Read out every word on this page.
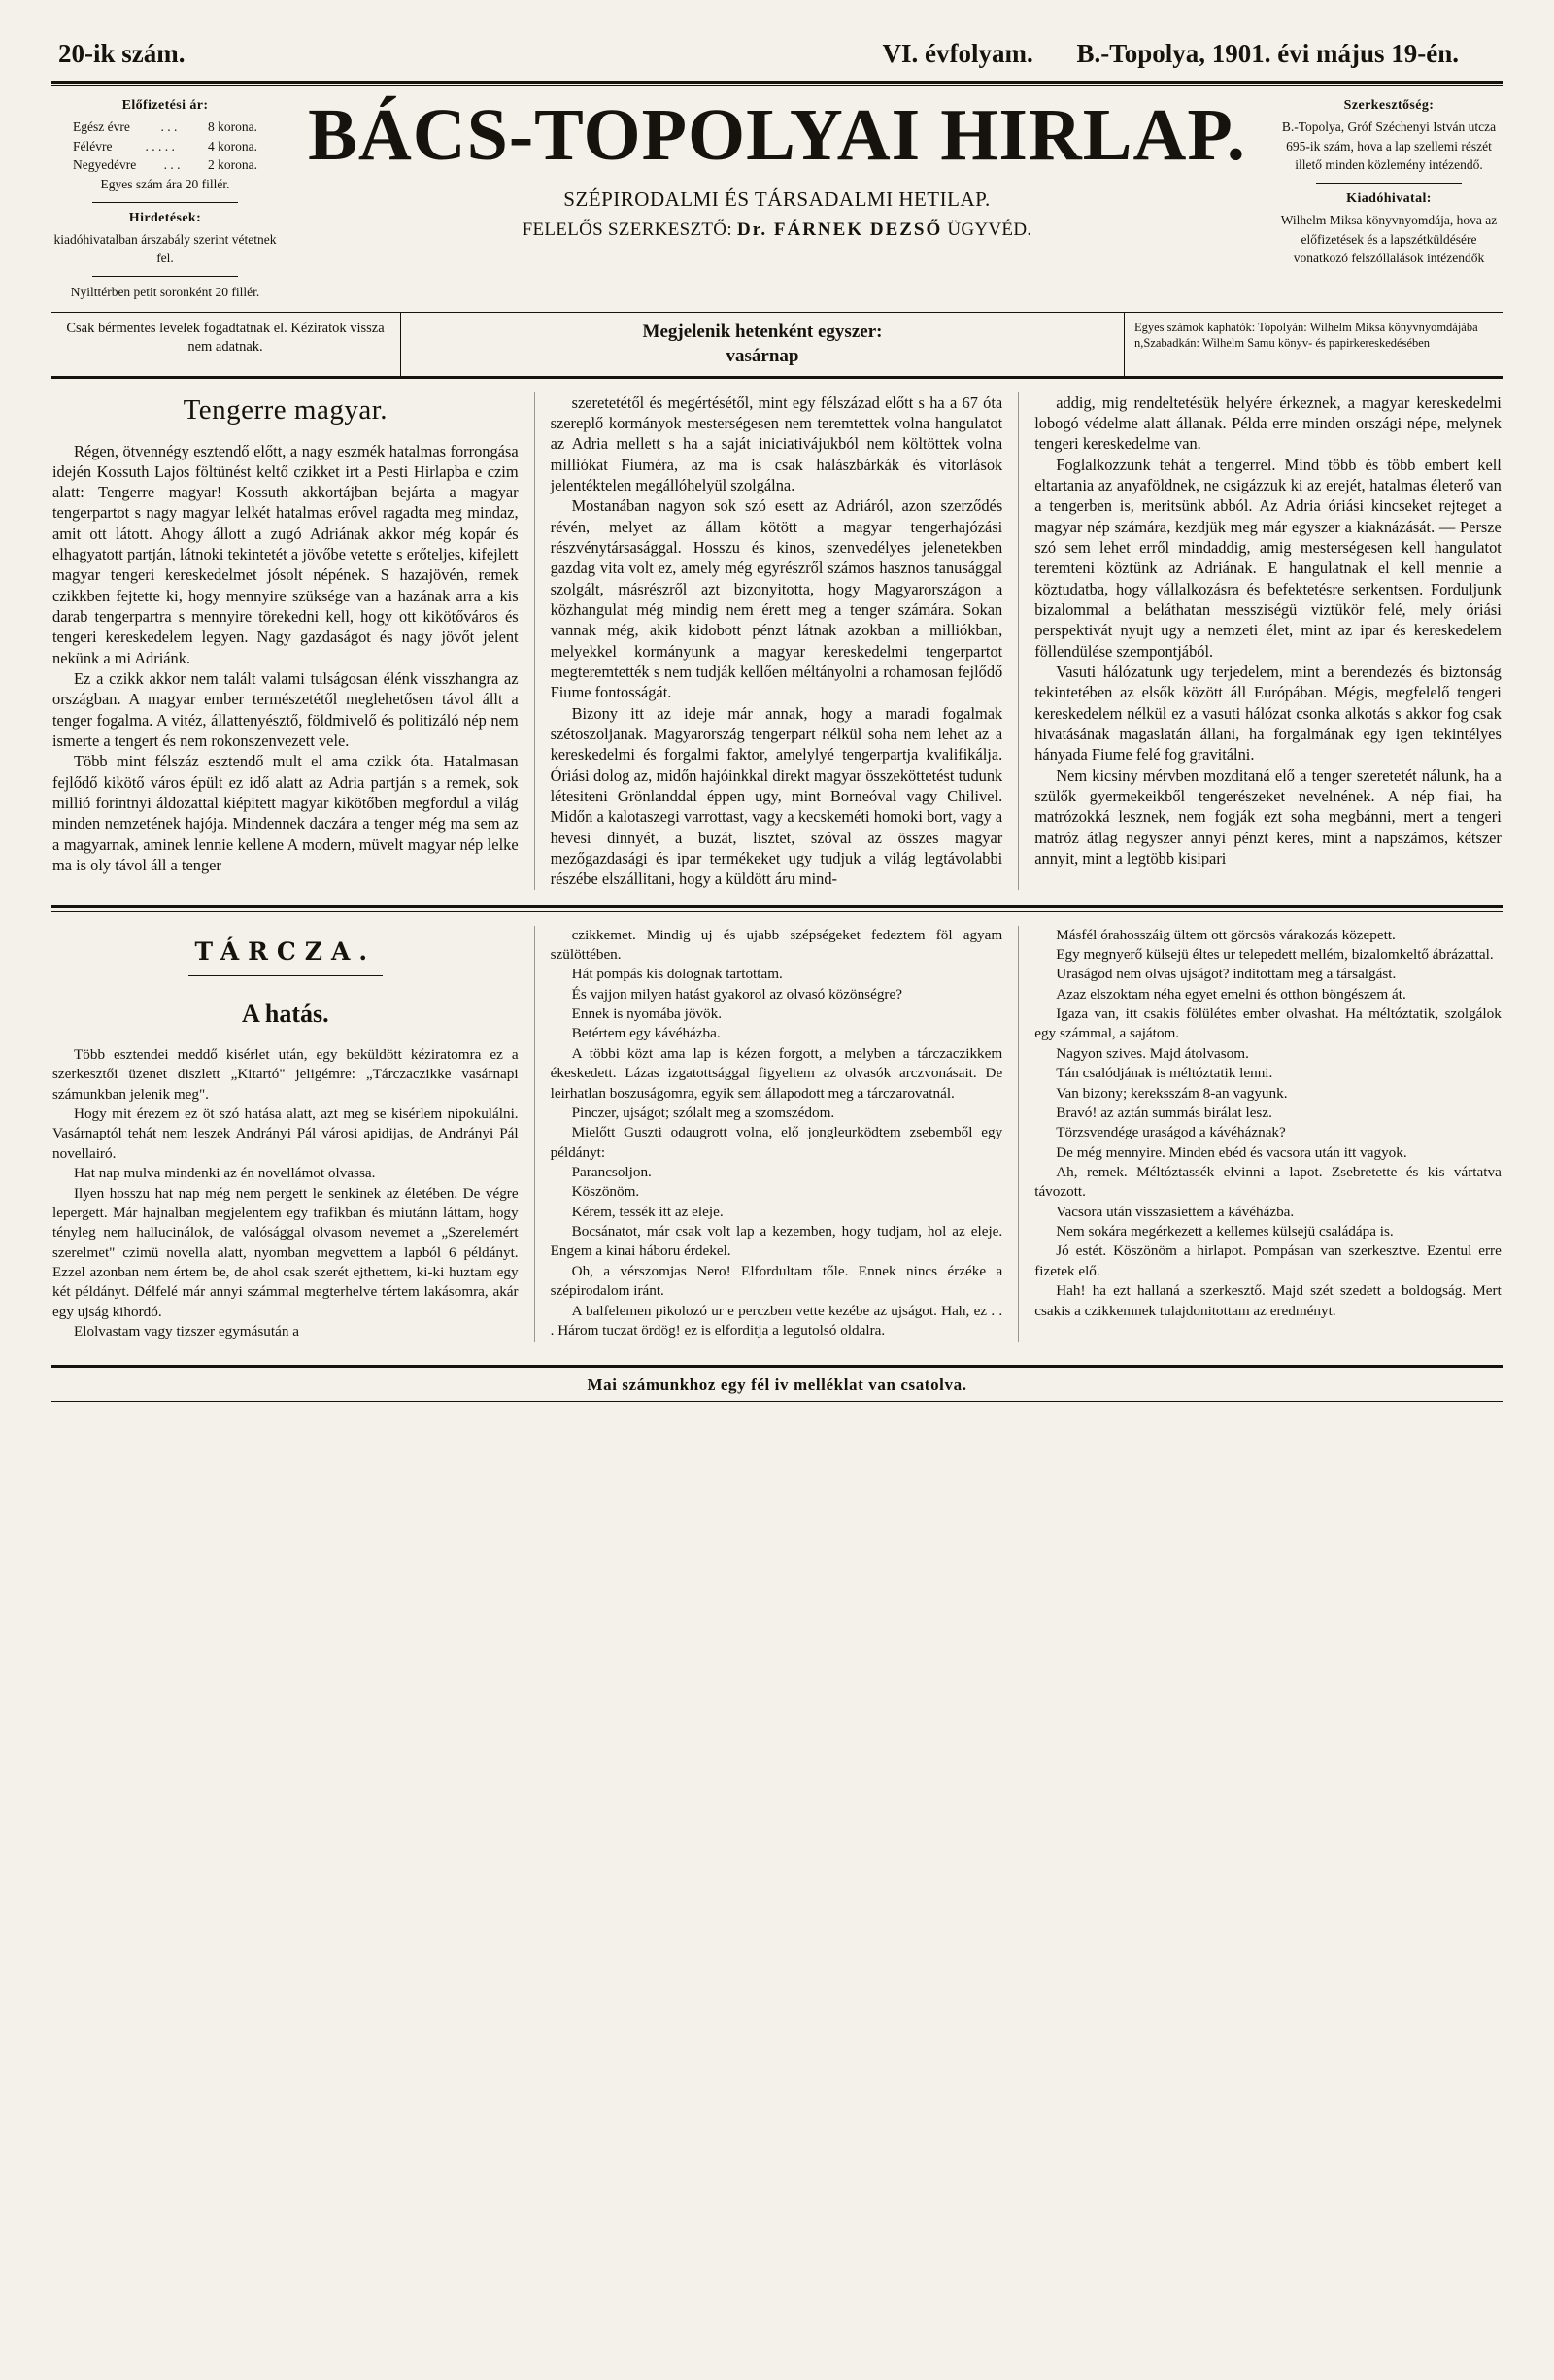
20-ik szám.	VI. évfolyam. B.-Topolya, 1901. évi május 19-én.
Előfizetési ár:
Egész évre . . . 8 korona.
Félévre	. . . . .	4 korona.
Negyedévre . . . 2 korona.
Egyes szám ára 20 fillér.
Hirdetések:
kiadóhivatalban árszabály szerint vétetnek fel.
Nyilttérben petit soronként 20 fillér.
BÁCS-TOPOLYAI HIRLAP.
SZÉPIRODALMI ÉS TÁRSADALMI HETILAP.
FELELŐS SZERKESZTŐ: Dr. FÁRNEK DEZSŐ ÜGYVÉD.
Szerkesztőség:
B.-Topolya, Gróf Széchenyi István utcza 695-ik szám, hova a lap szellemi részét illető minden közlemény intézendő.
Kiadóhivatal:
Wilhelm Miksa könyvnyomdája, hova az előfizetések és a lapszétküldésére vonatkozó felszóllalások intézendők
Csak bérmentes levelek fogadtatnak el. Kéziratok vissza nem adatnak.
Megjelenik hetenként egyszer:
vasárnap
Egyes számok kaphatók: Topolyán: Wilhelm Miksa könyvnyomdájába n,Szabadkán: Wilhelm Samu könyv- és papirkereskedésében
Tengerre magyar.

Régen, ötvennégy esztendő előtt, a nagy eszmék hatalmas forrongása idején Kossuth Lajos föltünést keltő czikket irt a Pesti Hirlapba e czim alatt: Tengerre magyar! Kossuth akkortájban bejárta a magyar tengerpartot s nagy magyar lelkét hatalmas erővel ragadta meg mindaz, amit ott látott. Ahogy állott a zugó Adriának akkor még kopár és elhagyatott partján, látnoki tekintetét a jövőbe vetette s erőteljes, kifejlett magyar tengeri kereskedelmet jósolt népének. S hazajövén, remek czikkben fejtette ki, hogy mennyire szüksége van a hazának arra a kis darab tengerpartra s mennyire törekedni kell, hogy ott kikötőváros és tengeri kereskedelem legyen. Nagy gazdaságot és nagy jövőt jelent nekünk a mi Adriánk.

Ez a czikk akkor nem talált valami tulságosan élénk visszhangra az országban. A magyar ember természetétől meglehetősen távol állt a tenger fogalma. A vitéz, állattenyésztő, földmivelő és politizáló nép nem ismerte a tengert és nem rokonszenvezett vele.

Több mint félszáz esztendő mult el ama czikk óta. Hatalmasan fejlődő kikötő város épült ez idő alatt az Adria partján s a remek, sok millió forintnyi áldozattal kiépitett magyar kikötőben megfordul a világ minden nemzetének hajója. Mindennek daczára a tenger még ma sem az a magyarnak, aminek lennie kellene A modern, müvelt magyar nép lelke ma is oly távol áll a tenger

szeretetétől és megértésétől, mint egy félszázad előtt s ha a 67 óta szereplő kormányok mesterségesen nem teremtettek volna hangulatot az Adria mellett s ha a saját iniciativájukból nem költöttek volna milliókat Fiuméra, az ma is csak halászbárkák és vitorlások jelentéktelen megállóhelyül szolgálna.

Mostanában nagyon sok szó esett az Adriáról, azon szerződés révén, melyet az állam kötött a magyar tengerhajózási részvénytársasággal. Hosszu és kinos, szenvedélyes jelenetekben gazdag vita volt ez, amely még egyrészről számos hasznos tanusággal szolgált, másrészről azt bizonyitotta, hogy Magyarországon a közhangulat még mindig nem érett meg a tenger számára. Sokan vannak még, akik kidobott pénzt látnak azokban a milliókban, melyekkel kormányunk a magyar kereskedelmi tengerpartot megteremtették s nem tudják kellően méltányolni a rohamosan fejlődő Fiume fontosságát.

Bizony itt az ideje már annak, hogy a maradi fogalmak szétoszoljanak. Magyarország tengerpart nélkül soha nem lehet az a kereskedelmi és forgalmi faktor, amelylyé tengerpartja kvalifikálja. Óriási dolog az, midőn hajóinkkal direkt magyar összeköttetést tudunk létesiteni Grönlanddal éppen ugy, mint Borneóval vagy Chilivel. Midőn a kalotaszegi varrottast, vagy a kecskeméti homoki bort, vagy a hevesi dinnyét, a buzát, lisztet, szóval az összes magyar mezőgazdasági és ipar termékeket ugy tudjuk a világ legtávolabbi részébe elszállitani, hogy a küldött áru mind-

addig, mig rendeltetésük helyére érkeznek, a magyar kereskedelmi lobogó védelme alatt állanak. Példa erre minden országi népe, melynek tengeri kereskedelme van.

Foglalkozzunk tehát a tengerrel. Mind több és több embert kell eltartania az anyaföldnek, ne csigázzuk ki az erejét, hatalmas életerő van a tengerben is, meritsünk abból. Az Adria óriási kincseket rejteget a magyar nép számára, kezdjük meg már egyszer a kiaknázását. — Persze szó sem lehet erről mindaddig, amig mesterségesen kell hangulatot teremteni köztünk az Adriának. E hangulatnak el kell mennie a köztudatba, hogy vállalkozásra és befektetésre serkentsen. Forduljunk bizalommal a beláthatan messziségü viztükör felé, mely óriási perspektivát nyujt ugy a nemzeti élet, mint az ipar és kereskedelem föllendülése szempontjából.

Vasuti hálózatunk ugy terjedelem, mint a berendezés és biztonság tekintetében az elsők között áll Európában. Mégis, megfelelő tengeri kereskedelem nélkül ez a vasuti hálózat csonka alkotás s akkor fog csak hivatásának magaslatán állani, ha forgalmának egy igen tekintélyes hányada Fiume felé fog gravitálni.

Nem kicsiny mérvben mozditaná elő a tenger szeretetét nálunk, ha a szülők gyermekeikből tengerészeket nevelnének. A nép fiai, ha matrózokká lesznek, nem fogják ezt soha megbánni, mert a tengeri matróz átlag negyszer annyi pénzt keres, mint a napszámos, kétszer annyit, mint a legtöbb kisipari

TÁRCZA.
A hatás.

Több esztendei meddő kisérlet után, egy beküldött kéziratomra ez a szerkesztői üzenet diszlett „Kitartó" jeligémre: „Tárczaczikke vasárnapi számunkban jelenik meg".

Hogy mit érezem ez öt szó hatása alatt, azt meg se kisérlem nipokulálni. Vasárnaptól tehát nem leszek Andrányi Pál városi apidijas, de Andrányi Pál novellairó.

Hat nap mulva mindenki az én novellámot olvassa.

Ilyen hosszu hat nap még nem pergett le senkinek az életében. De végre lepergett. Már hajnalban megjelentem egy trafikban és miutánn láttam, hogy tényleg nem hallucinálok, de valósággal olvasom nevemet a „Szerelemért szerelmet" czimü novella alatt, nyomban megvettem a lapból 6 példányt. Ezzel azonban nem értem be, de ahol csak szerét ejthettem, ki-ki huztam egy két példányt. Délfelé már annyi számmal megterhelve tértem lakásomra, akár egy ujság kihordó.

Elolvastam vagy tizszer egymásután a

czikkemet. Mindig uj és ujabb szépségeket fedeztem föl agyam szülöttében.

Hát pompás kis dolognak tartottam.

És vajjon milyen hatást gyakorol az olvasó közönségre?

Ennek is nyomába jövök.

Betértem egy kávéházba.

A többi közt ama lap is kézen forgott, a melyben a tárczaczikkem ékeskedett. Lázas izgatottsággal figyeltem az olvasók arczvonásait. De leirhatlan boszuságomra, egyik sem állapodott meg a tárczarovatnál.

Pinczer, ujságot; szólalt meg a szomszédom.

Mielőtt Guszti odaugrott volna, elő jongleurködtem zsebemből egy példányt:

Parancsoljon.

Köszönöm.

Kérem, tessék itt az eleje.

Bocsánatot, már csak volt lap a kezemben, hogy tudjam, hol az eleje. Engem a kinai háboru érdekel.

Oh, a vérszomjas Nero! Elfordultam tőle. Ennek nincs érzéke a szépirodalom iránt.

A balfelemen pikolozó ur e perczben vette kezébe az ujságot. Hah, ez . . . Három tuczat ördög! ez is elforditja a legutolsó oldalra.

Másfél órahosszáig ültem ott görcsös várakozás közepett.

Egy megnyerő külsejü éltes ur telepedett mellém, bizalomkeltő ábrázattal.

Uraságod nem olvas ujságot? inditottam meg a társalgást.

Azaz elszoktam néha egyet emelni és otthon böngészem át.

Igaza van, itt csakis fölülétes ember olvashat. Ha méltóztatik, szolgálok egy számmal, a sajátom.

Nagyon szives. Majd átolvasom.

Tán csalódjának is méltóztatik lenni.

Van bizony; kereksszám 8-an vagyunk.

Bravó! az aztán summás birálat lesz.

Törzsvendége uraságod a kávéháznak?

De még mennyire. Minden ebéd és vacsora után itt vagyok.

Ah, remek. Méltóztassék elvinni a lapot. Zsebretette és kis vártatva távozott.

Vacsora után visszasiettem a kávéházba.

Nem sokára megérkezett a kellemes külsejü családápa is.

Jó estét. Köszönöm a hirlapot. Pompásan van szerkesztve. Ezentul erre fizetek elő.

Hah! ha ezt hallaná a szerkesztő. Majd szét szedett a boldogság. Mert csakis a czikkemnek tulajdonitottam az eredményt.

Mai számunkhoz egy fél iv melléklat van csatolva.
